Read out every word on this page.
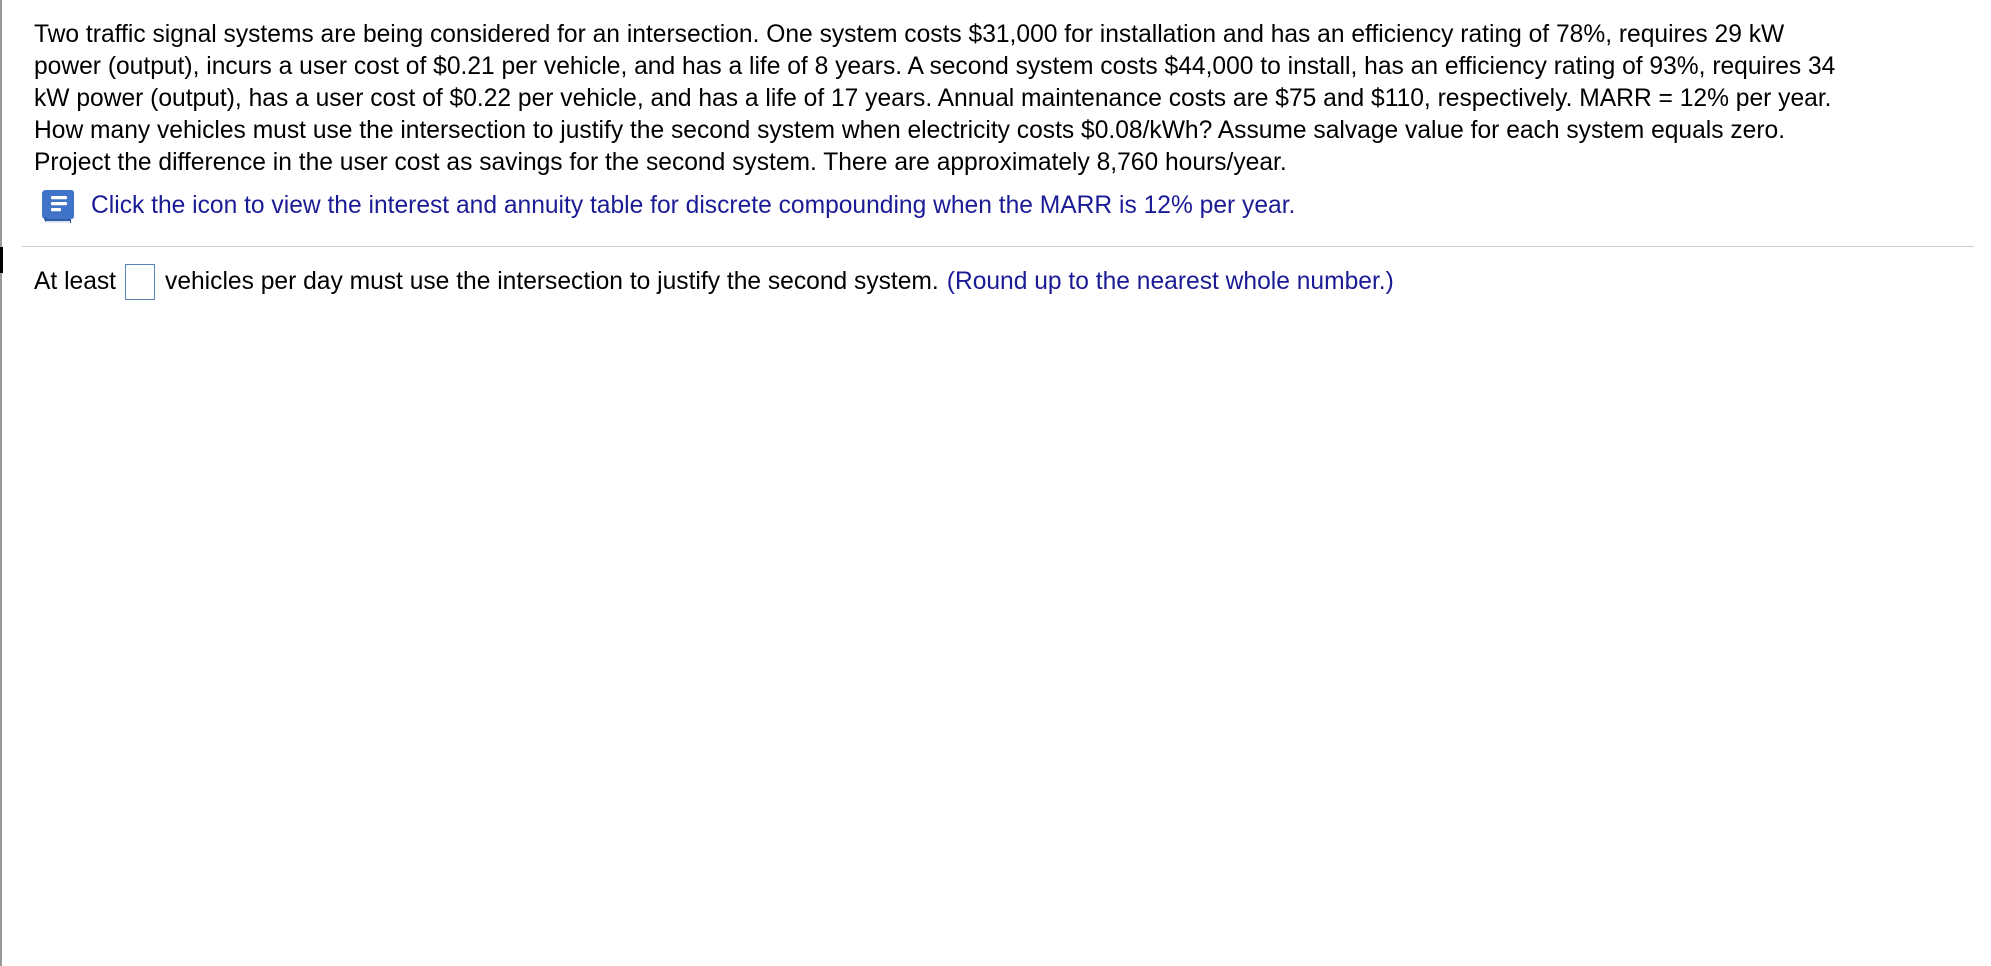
Two traffic signal systems are being considered for an intersection. One system costs $31,000 for installation and has an efficiency rating of 78%, requires 29 kW
power (output), incurs a user cost of $0.21 per vehicle, and has a life of 8 years. A second system costs $44,000 to install, has an efficiency rating of 93%, requires 34
kW power (output), has a user cost of $0.22 per vehicle, and has a life of 17 years. Annual maintenance costs are $75 and $110, respectively. MARR = 12% per year.
How many vehicles must use the intersection to justify the second system when electricity costs $0.08/kWh? Assume salvage value for each system equals zero.
Project the difference in the user cost as savings for the second system. There are approximately 8,760 hours/year.

Click the icon to view the interest and annuity table for discrete compounding when the MARR is 12% per year.
At least vehicles per day must use the intersection to justify the second system. (Round up to the nearest whole number.)
